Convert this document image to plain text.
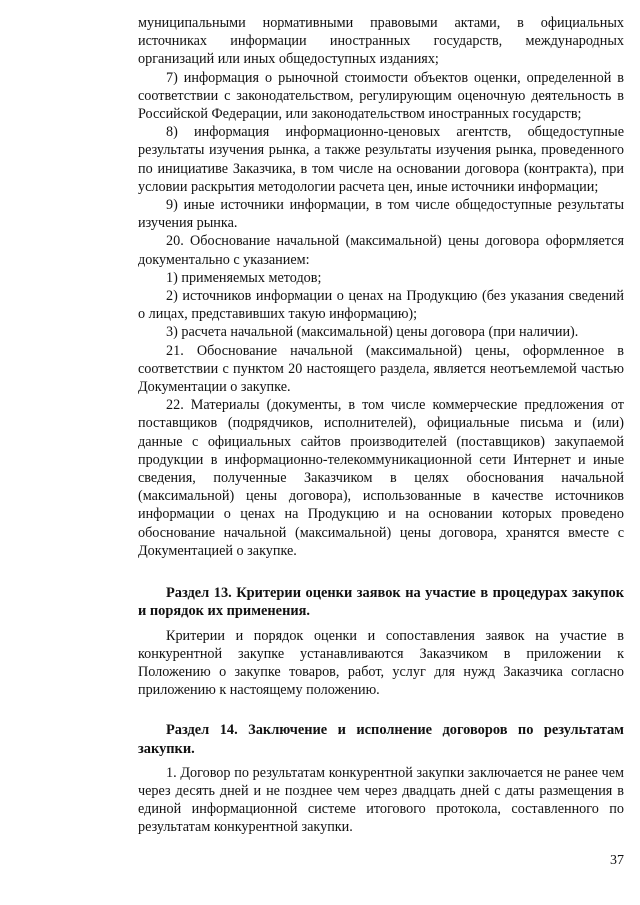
муниципальными нормативными правовыми актами, в официальных источниках информации иностранных государств, международных организаций или иных общедоступных изданиях;

7) информация о рыночной стоимости объектов оценки, определенной в соответствии с законодательством, регулирующим оценочную деятельность в Российской Федерации, или законодательством иностранных государств;

8) информация информационно-ценовых агентств, общедоступные результаты изучения рынка, а также результаты изучения рынка, проведенного по инициативе Заказчика, в том числе на основании договора (контракта), при условии раскрытия методологии расчета цен, иные источники информации;

9) иные источники информации, в том числе общедоступные результаты изучения рынка.

20. Обоснование начальной (максимальной) цены договора оформляется документально с указанием:

1) применяемых методов;

2) источников информации о ценах на Продукцию (без указания сведений о лицах, представивших такую информацию);

3) расчета начальной (максимальной) цены договора (при наличии).

21. Обоснование начальной (максимальной) цены, оформленное в соответствии с пунктом 20 настоящего раздела, является неотъемлемой частью Документации о закупке.

22. Материалы (документы, в том числе коммерческие предложения от поставщиков (подрядчиков, исполнителей), официальные письма и (или) данные с официальных сайтов производителей (поставщиков) закупаемой продукции в информационно-телекоммуникационной сети Интернет и иные сведения, полученные Заказчиком в целях обоснования начальной (максимальной) цены договора), использованные в качестве источников информации о ценах на Продукцию и на основании которых проведено обоснование начальной (максимальной) цены договора, хранятся вместе с Документацией о закупке.

Раздел 13. Критерии оценки заявок на участие в процедурах закупок и порядок их применения.

Критерии и порядок оценки и сопоставления заявок на участие в конкурентной закупке устанавливаются Заказчиком в приложении к Положению о закупке товаров, работ, услуг для нужд Заказчика согласно приложению к настоящему положению.

Раздел 14. Заключение и исполнение договоров по результатам закупки.

1. Договор по результатам конкурентной закупки заключается не ранее чем через десять дней и не позднее чем через двадцать дней с даты размещения в единой информационной системе итогового протокола, составленного по результатам конкурентной закупки.

37
